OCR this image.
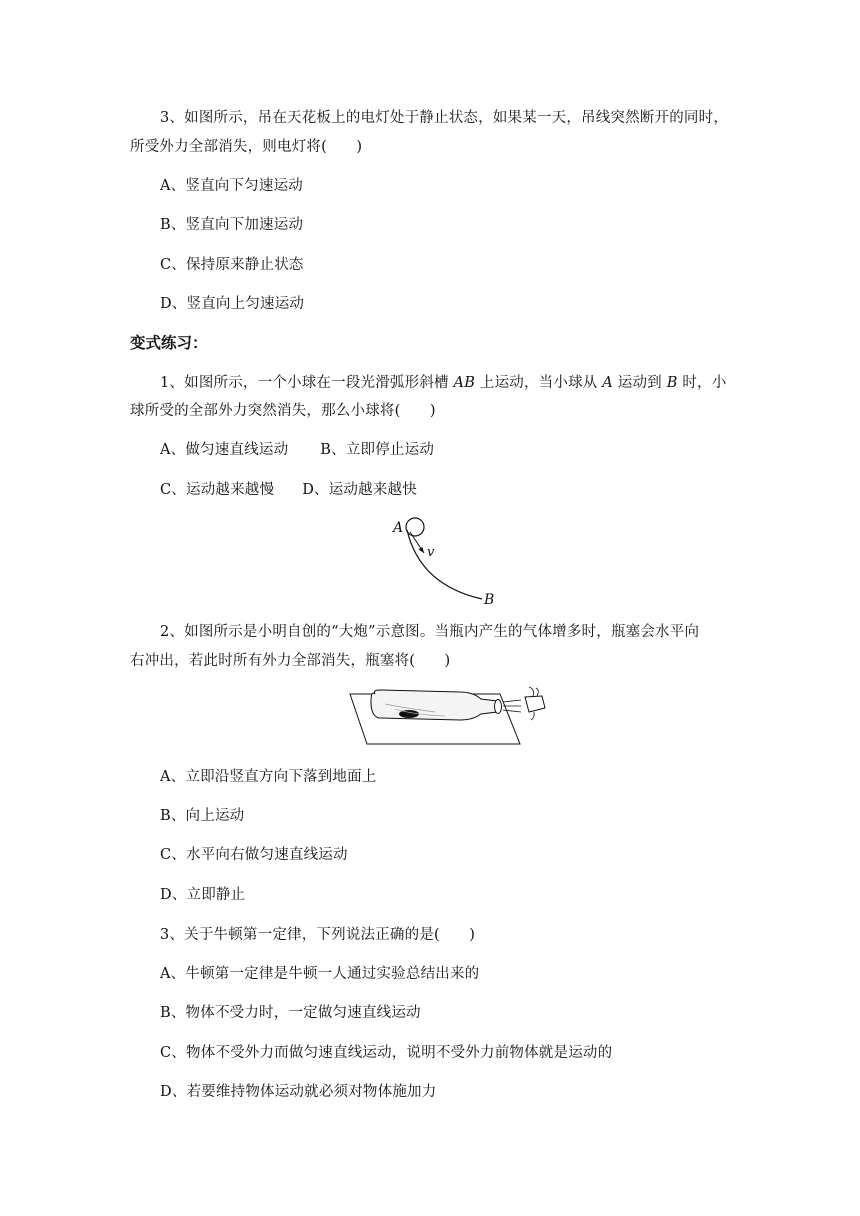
3、如图所示，吊在天花板上的电灯处于静止状态，如果某一天，吊线突然断开的同时，
所受外力全部消失，则电灯将(　　)
A、竖直向下匀速运动
B、竖直向下加速运动
C、保持原来静止状态
D、竖直向上匀速运动
变式练习：
1、如图所示，一个小球在一段光滑弧形斜槽 AB 上运动，当小球从 A 运动到 B 时，小
球所受的全部外力突然消失，那么小球将(　　)
A、做匀速直线运动 B、立即停止运动
C、运动越来越慢 D、运动越来越快
A
v
B
2、如图所示是小明自创的“大炮”示意图。当瓶内产生的气体增多时，瓶塞会水平向
右冲出，若此时所有外力全部消失，瓶塞将(　　)
A、立即沿竖直方向下落到地面上
B、向上运动
C、水平向右做匀速直线运动
D、立即静止
3、关于牛顿第一定律，下列说法正确的是(　　)
A、牛顿第一定律是牛顿一人通过实验总结出来的
B、物体不受力时，一定做匀速直线运动
C、物体不受外力而做匀速直线运动，说明不受外力前物体就是运动的
D、若要维持物体运动就必须对物体施加力
